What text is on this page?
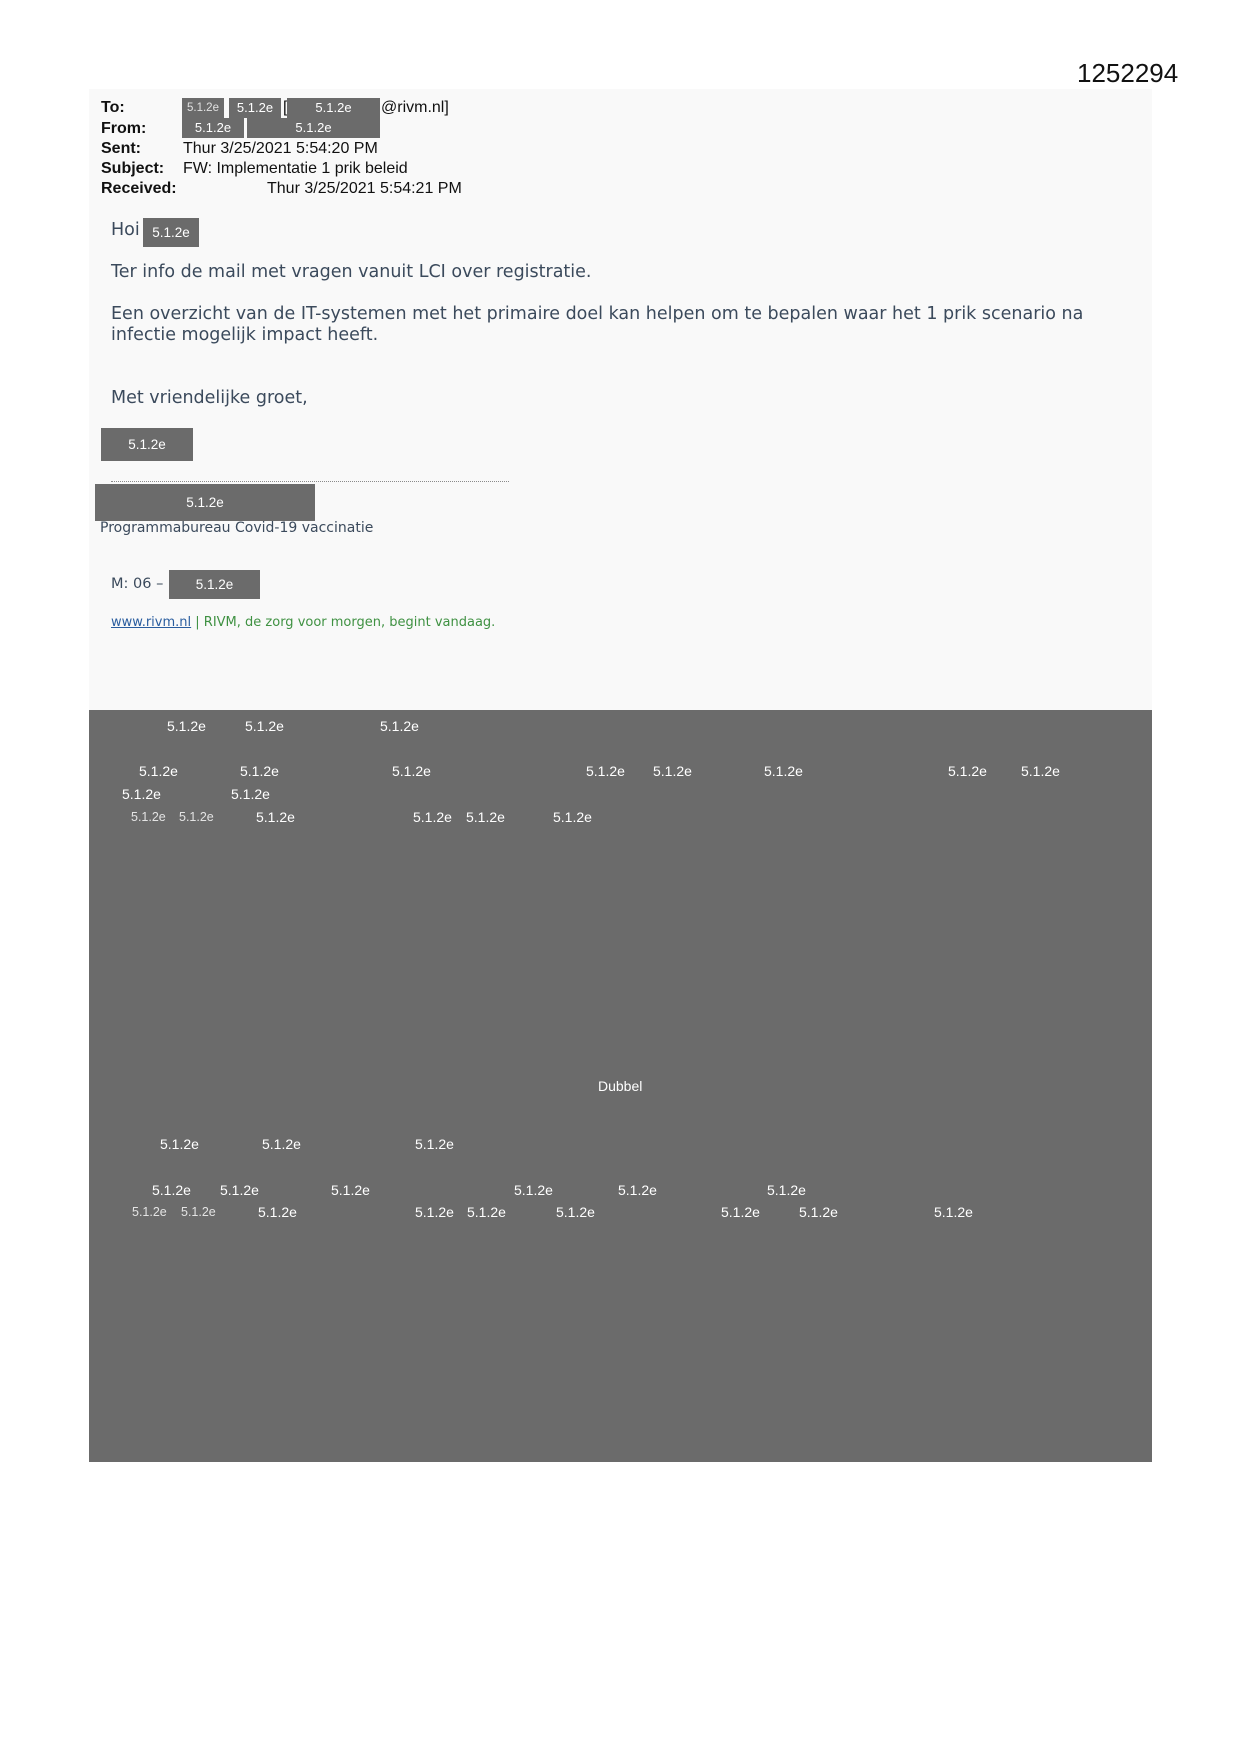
1252294
To:	5.1.2e	5.1.2e [	5.1.2e	@rivm.nl]
From:	5.1.2e	5.1.2e
Sent:	Thur 3/25/2021 5:54:20 PM
Subject: FW: Implementatie 1 prik beleid
Received:	Thur 3/25/2021 5:54:21 PM
Hoi 5.1.2e
Ter info de mail met vragen vanuit LCI over registratie.
Een overzicht van de IT-systemen met het primaire doel kan helpen om te bepalen waar het 1 prik scenario na
infectie mogelijk impact heeft.
Met vriendelijke groet,
5.1.2e
5.1.2e
Programmabureau Covid-19 vaccinatie
M: 06 –	5.1.2e
www.rivm.nl | RIVM, de zorg voor morgen, begint vandaag.
5.1.2e	5.1.2e	5.1.2e
5.1.2e	5.1.2e	5.1.2e	5.1.2e 5.1.2e	5.1.2e	5.1.2e 5.1.2e
5.1.2e	5.1.2e
5.1.2e 5.1.2e	5.1.2e	5.1.2e 5.1.2e	5.1.2e
Dubbel
5.1.2e	5.1.2e	5.1.2e
5.1.2e 5.1.2e	5.1.2e	5.1.2e	5.1.2e	5.1.2e
5.1.2e 5.1.2e	5.1.2e	5.1.2e 5.1.2e	5.1.2e	5.1.2e	5.1.2e	5.1.2e
